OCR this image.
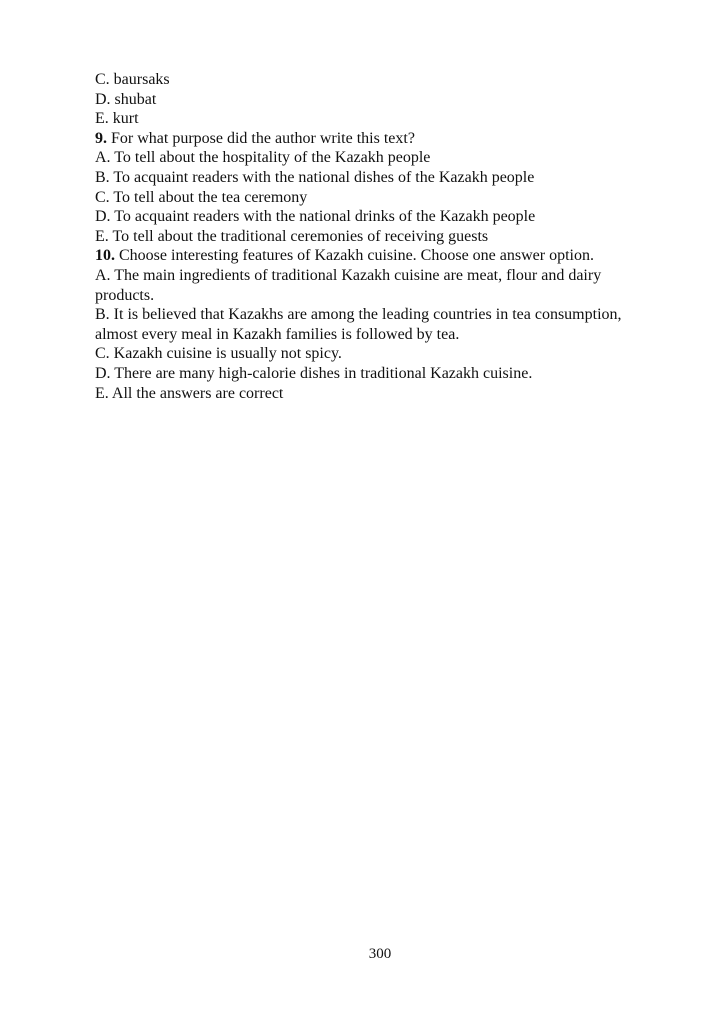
C. baursaks
D. shubat
E. kurt
9. For what purpose did the author write this text?
A. To tell about the hospitality of the Kazakh people
B. To acquaint readers with the national dishes of the Kazakh people
C. To tell about the tea ceremony
D. To acquaint readers with the national drinks of the Kazakh people
E. To tell about the traditional ceremonies of receiving guests
10. Choose interesting features of Kazakh cuisine. Choose one answer option.
A. The main ingredients of traditional Kazakh cuisine are meat, flour and dairy
products.
B. It is believed that Kazakhs are among the leading countries in tea consumption,
almost every meal in Kazakh families is followed by tea.
C. Kazakh cuisine is usually not spicy.
D. There are many high-calorie dishes in traditional Kazakh cuisine.
E. All the answers are correct
300
